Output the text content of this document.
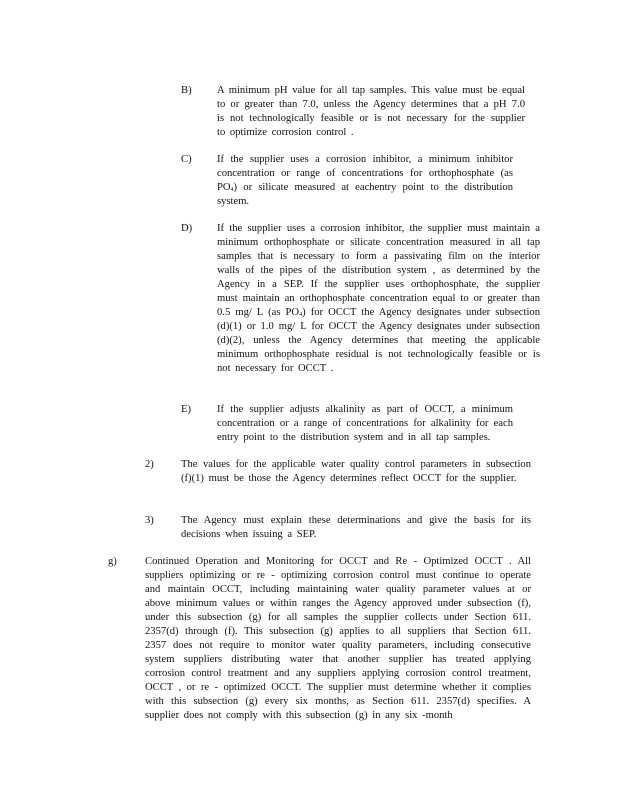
B) A minimum pH value for all tap samples. This value must be equal to or greater than 7.0, unless the Agency determines that a pH 7.0 is not technologically feasible or is not necessary for the supplier to optimize corrosion control .
C) If the supplier uses a corrosion inhibitor, a minimum inhibitor concentration or range of concentrations for orthophosphate (as $PO_4$) or silicate measured at eachentry point to the distribution system.
D) If the supplier uses a corrosion inhibitor, the supplier must maintain a minimum orthophosphate or silicate concentration measured in all tap samples that is necessary to form a passivating film on the interior walls of the pipes of the distribution system , as determined by the Agency in a SEP. If the supplier uses orthophosphate, the supplier must maintain an orthophosphate concentration equal to or greater than 0.5 mg/ L (as $PO_4$) for OCCT the Agency designates under subsection (d)(1) or 1.0 mg/ L for OCCT the Agency designates under subsection (d)(2), unless the Agency determines that meeting the applicable minimum orthophosphate residual is not technologically feasible or is not necessary for OCCT .
E) If the supplier adjusts alkalinity as part of OCCT, a minimum concentration or a range of concentrations for alkalinity for each entry point to the distribution system and in all tap samples.
2)	The values for the applicable water quality control parameters in subsection (f)(1) must be those the Agency determines reflect OCCT for the supplier.
3)	The Agency must explain these determinations and give the basis for its decisions when issuing a SEP.
g)	Continued Operation and Monitoring for OCCT and Re - Optimized OCCT . All suppliers optimizing or re - optimizing corrosion control must continue to operate and maintain OCCT, including maintaining water quality parameter values at or above minimum values or within ranges the Agency approved under subsection (f), under this subsection (g) for all samples the supplier collects under Section 611. 2357(d) through (f). This subsection (g) applies to all suppliers that Section 611. 2357 does not require to monitor water quality parameters, including consecutive system suppliers distributing water that another supplier has treated applying corrosion control treatment and any suppliers applying corrosion control treatment, OCCT , or re - optimized OCCT. The supplier must determine whether it complies with this subsection (g) every six months, as Section 611. 2357(d) specifies. A supplier does not comply with this subsection (g) in any six -month
